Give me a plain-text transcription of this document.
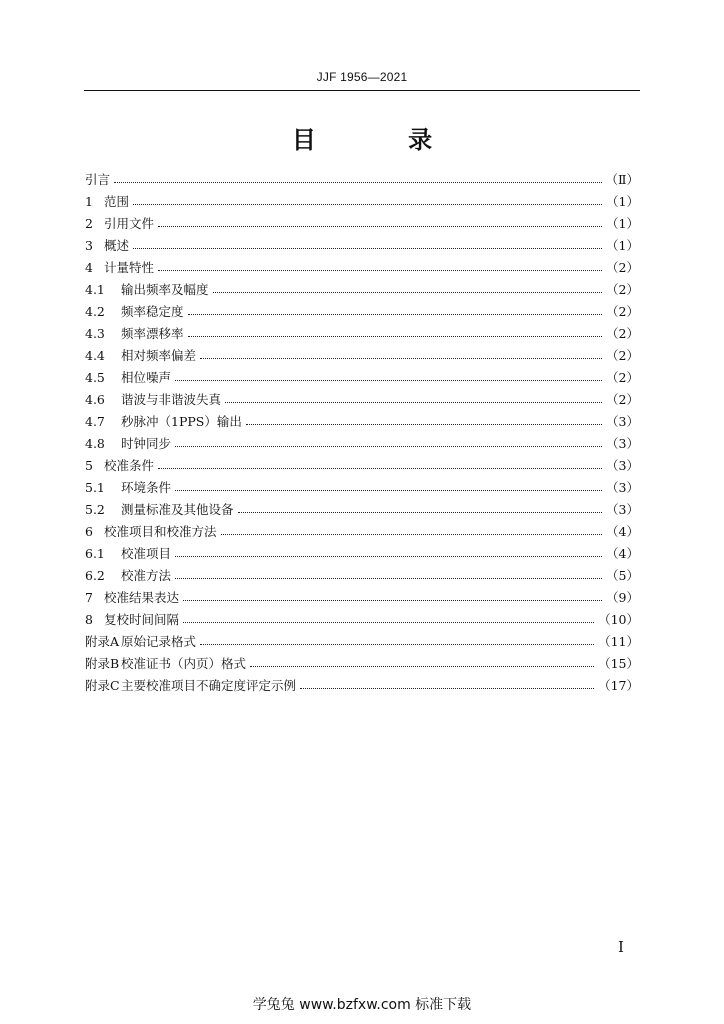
JJF 1956—2021
目 录
引言	（Ⅱ）
1 范围	（1）
2 引用文件	（1）
3 概述	（1）
4 计量特性	（2）
4.1	输出频率及幅度	（2）
4.2	频率稳定度	（2）
4.3	频率漂移率	（2）
4.4	相对频率偏差	（2）
4.5	相位噪声	（2）
4.6	谐波与非谐波失真	（2）
4.7	秒脉冲（1PPS）输出	（3）
4.8	时钟同步	（3）
5 校准条件	（3）
5.1	环境条件	（3）
5.2	测量标准及其他设备	（3）
6 校准项目和校准方法	（4）
6.1	校准项目	（4）
6.2	校准方法	（5）
7 校准结果表达	（9）
8 复校时间间隔	（10）
附录A 原始记录格式	（11）
附录B 校准证书（内页）格式	（15）
附录C 主要校准项目不确定度评定示例	（17）
I
学兔兔 www.bzfxw.com 标准下载
